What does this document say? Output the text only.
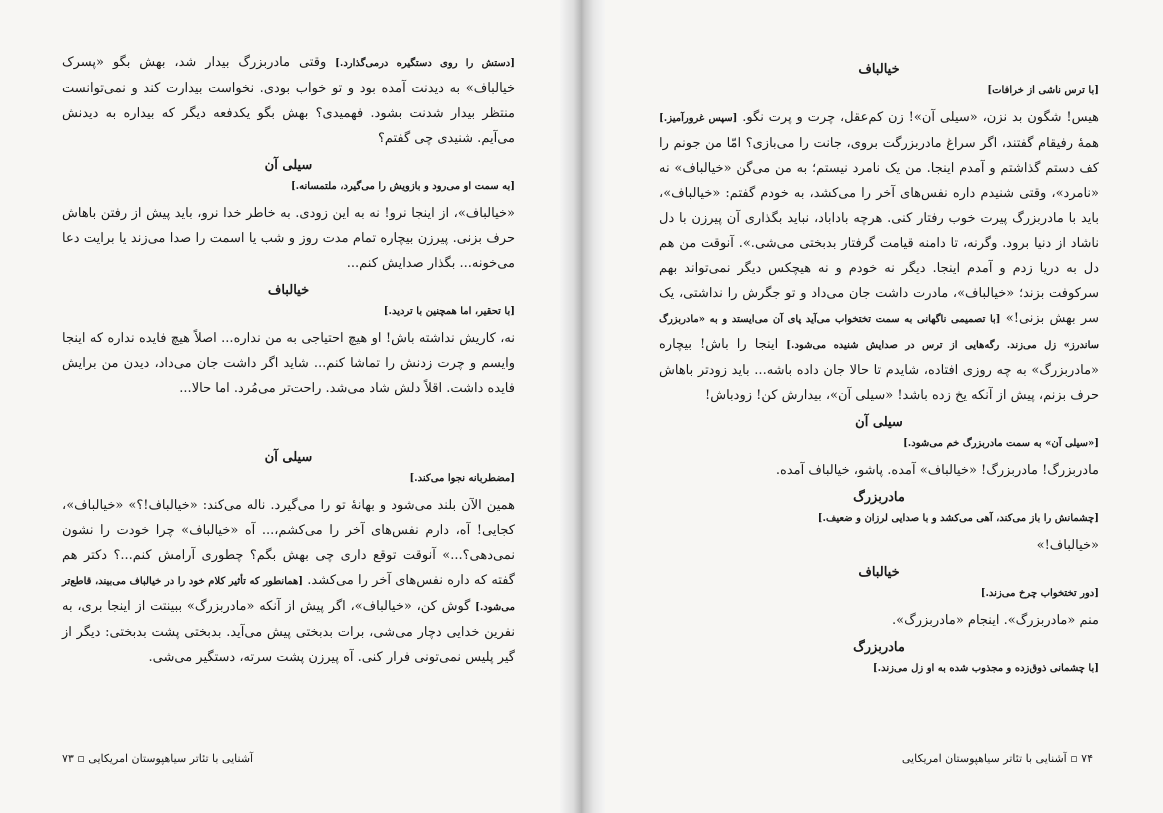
[دستش را روی دستگیره درمی‌گذارد.] وقتی مادربزرگ بیدار شد، بهش بگو «پسرک خیالباف» به دیدنت آمده بود و تو خواب بودی. نخواست بیدارت کند و نمی‌توانست منتظر بیدار شدنت بشود. فهمیدی؟ بهش بگو یکدفعه دیگر که بیداره به دیدنش می‌آیم. شنیدی چی گفتم؟

سیلی آن

[به سمت او می‌رود و بازویش را می‌گیرد، ملتمسانه.]

«خیالباف»، از اینجا نرو! نه به این زودی. به خاطر خدا نرو، باید پیش از رفتن باهاش حرف بزنی. پیرزن بیچاره تمام مدت روز و شب یا اسمت را صدا می‌زند یا برایت دعا می‌خونه... بگذار صدایش کنم...

خیالباف

[با تحقیر، اما همچنین با تردید.]

نه، کاریش نداشته باش! او هیچ احتیاجی به من نداره... اصلاً هیچ فایده نداره که اینجا وایسم و چرت زدنش را تماشا کنم... شاید اگر داشت جان می‌داد، دیدن من برایش فایده داشت. اقلاً دلش شاد می‌شد. راحت‌تر می‌مُرد. اما حالا...

سیلی آن

[مضطربانه نجوا می‌کند.]

همین الآن بلند می‌شود و بهانهٔ تو را می‌گیرد. ناله می‌کند: «خیالباف!؟» «خیالباف»، کجایی! آه، دارم نفس‌های آخر را می‌کشم،... آه «خیالباف» چرا خودت را نشون نمی‌دهی؟...» آنوقت توقع داری چی بهش بگم؟ چطوری آرامش کنم...؟ دکتر هم گفته که داره نفس‌های آخر را می‌کشد. [همانطور که تأثیر کلام خود را در خیالباف می‌بیند، قاطع‌تر می‌شود.] گوش کن، «خیالباف»، اگر پیش از آنکه «مادربزرگ» ببینتت از اینجا بری، به نفرین خدایی دچار می‌شی، برات بدبختی پیش می‌آید. بدبختی پشت بدبختی: دیگر از گیر پلیس نمی‌تونی فرار کنی. آه پیرزن پشت سرته، دستگیر می‌شی.

آشنایی با تئاتر سیاهپوستان امریکایی ▫ ۷۳
خیالباف

[با ترس ناشی از خرافات]

هیس! شگون بد نزن، «سیلی آن»! زن کم‌عقل، چرت و پرت نگو. [سپس غرورآمیز.] همهٔ رفیقام گفتند، اگر سراغ مادربزرگت بروی، جانت را می‌بازی؟ امّا من جونم را کف دستم گذاشتم و آمدم اینجا. من یک نامرد نیستم؛ به من می‌گن «خیالباف» نه «نامرد»، وقتی شنیدم داره نفس‌های آخر را می‌کشد، به خودم گفتم: «خیالباف»، باید با مادربزرگ پیرت خوب رفتار کنی. هرچه باداباد، نباید بگذاری آن پیرزن با دل ناشاد از دنیا برود. وگرنه، تا دامنه قیامت گرفتار بدبختی می‌شی.». آنوقت من هم دل به دریا زدم و آمدم اینجا. دیگر نه خودم و نه هیچکس دیگر نمی‌تواند بهم سرکوفت بزند؛ «خیالباف»، مادرت داشت جان می‌داد و تو جگرش را نداشتی، یک سر بهش بزنی!» [با تصمیمی ناگهانی به سمت تختخواب می‌آید پای آن می‌ایستد و به «مادربزرگ ساندرز» زل می‌زند. رگه‌هایی از ترس در صدایش شنیده می‌شود.] اینجا را باش! بیچاره «مادربزرگ» به چه روزی افتاده، شایدم تا حالا جان داده باشه... باید زودتر باهاش حرف بزنم، پیش از آنکه یخ زده باشد! «سیلی آن»، بیدارش کن! زودباش!

سیلی آن

[«سیلی آن» به سمت مادربزرگ خم می‌شود.]

مادربزرگ! مادربزرگ! «خیالباف» آمده. پاشو، خیالباف آمده.

مادربزرگ

[چشمانش را باز می‌کند، آهی می‌کشد و با صدایی لرزان و ضعیف.]

«خیالباف!»

خیالباف

[دور تختخواب چرخ می‌زند.]

منم «مادربزرگ». اینجام «مادربزرگ».

مادربزرگ

[با چشمانی ذوق‌زده و مجذوب شده به او زل می‌زند.]

۷۴ ▫ آشنایی با تئاتر سیاهپوستان امریکایی
